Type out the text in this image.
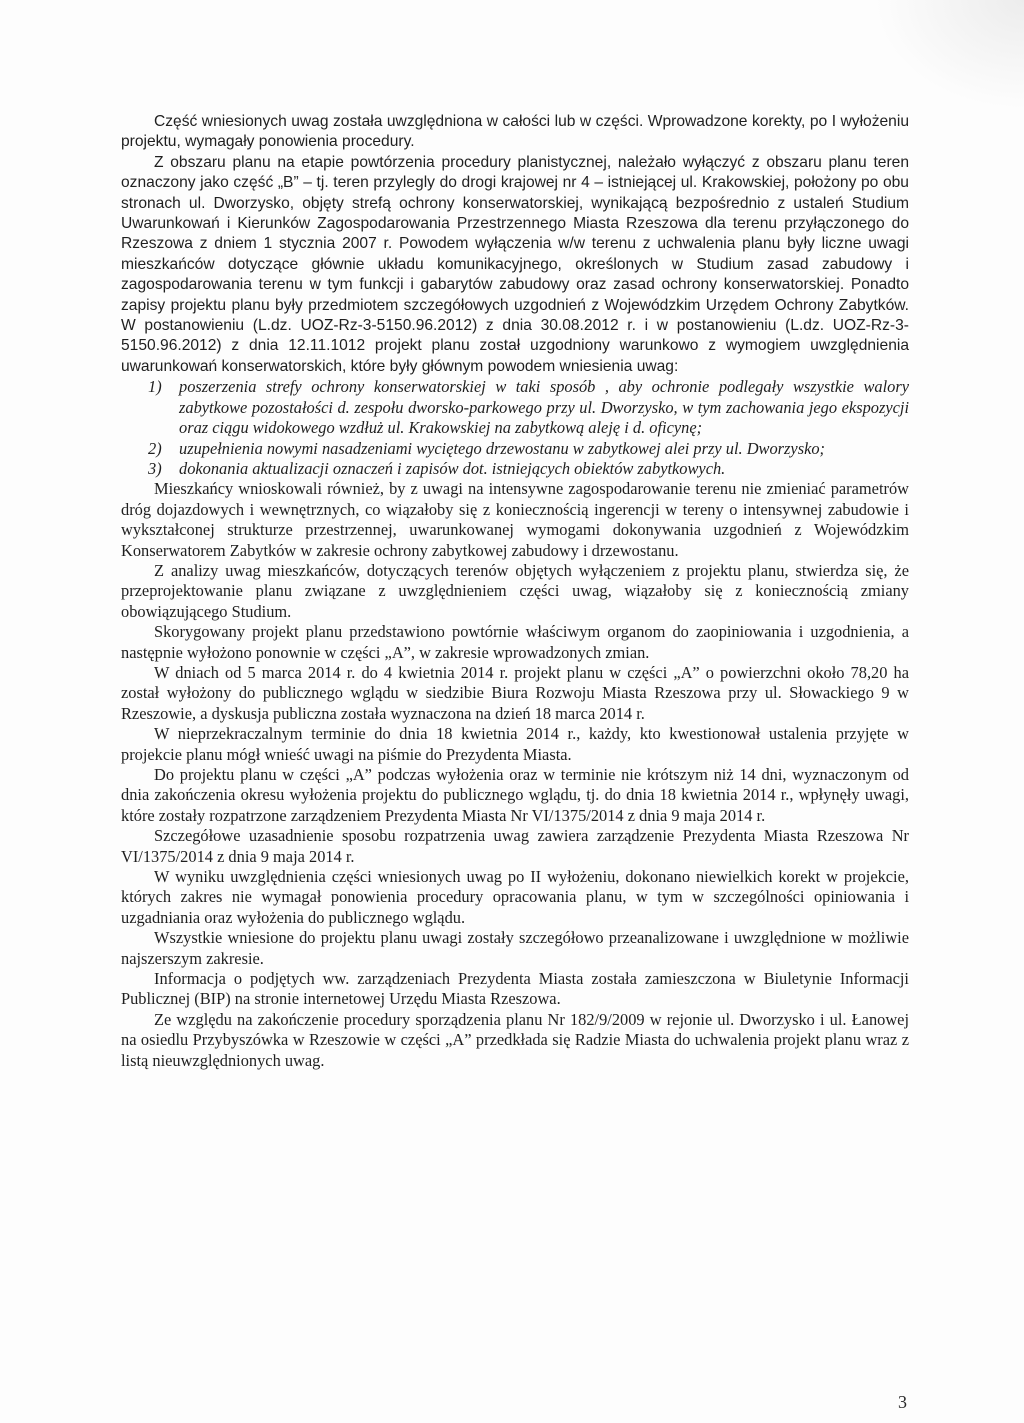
Część wniesionych uwag została uwzględniona w całości lub w części. Wprowadzone korekty, po I wyłożeniu projektu, wymagały ponowienia procedury.

Z obszaru planu na etapie powtórzenia procedury planistycznej, należało wyłączyć z obszaru planu teren oznaczony jako część „B” – tj. teren przylegly do drogi krajowej nr 4 – istniejącej ul. Krakowskiej, położony po obu stronach ul. Dworzysko, objęty strefą ochrony konserwatorskiej, wynikającą bezpośrednio z ustaleń Studium Uwarunkowań i Kierunków Zagospodarowania Przestrzennego Miasta Rzeszowa dla terenu przyłączonego do Rzeszowa z dniem 1 stycznia 2007 r. Powodem wyłączenia w/w terenu z uchwalenia planu były liczne uwagi mieszkańców dotyczące głównie układu komunikacyjnego, określonych w Studium zasad zabudowy i zagospodarowania terenu w tym funkcji i gabarytów zabudowy oraz zasad ochrony konserwatorskiej. Ponadto zapisy projektu planu były przedmiotem szczegółowych uzgodnień z Wojewódzkim Urzędem Ochrony Zabytków. W postanowieniu (L.dz. UOZ-Rz-3-5150.96.2012) z dnia 30.08.2012 r. i w postanowieniu (L.dz. UOZ-Rz-3-5150.96.2012) z dnia 12.11.1012 projekt planu został uzgodniony warunkowo z wymogiem uwzględnienia uwarunkowań konserwatorskich, które były głównym powodem wniesienia uwag:

1) poszerzenia strefy ochrony konserwatorskiej w taki sposób , aby ochronie podlegały wszystkie walory zabytkowe pozostałości d. zespołu dworsko-parkowego przy ul. Dworzysko, w tym zachowania jego ekspozycji oraz ciągu widokowego wzdłuż ul. Krakowskiej na zabytkową aleję i d. oficynę;
2) uzupełnienia nowymi nasadzeniami wyciętego drzewostanu w zabytkowej alei przy ul. Dworzysko;
3) dokonania aktualizacji oznaczeń i zapisów dot. istniejących obiektów zabytkowych.

Mieszkańcy wnioskowali również, by z uwagi na intensywne zagospodarowanie terenu nie zmieniać parametrów dróg dojazdowych i wewnętrznych, co wiązałoby się z koniecznością ingerencji w tereny o intensywnej zabudowie i wykształconej strukturze przestrzennej, uwarunkowanej wymogami dokonywania uzgodnień z Wojewódzkim Konserwatorem Zabytków w zakresie ochrony zabytkowej zabudowy i drzewostanu.

Z analizy uwag mieszkańców, dotyczących terenów objętych wyłączeniem z projektu planu, stwierdza się, że przeprojektowanie planu związane z uwzględnieniem części uwag, wiązałoby się z koniecznością zmiany obowiązującego Studium.

Skorygowany projekt planu przedstawiono powtórnie właściwym organom do zaopiniowania i uzgodnienia, a następnie wyłożono ponownie w części „A”, w zakresie wprowadzonych zmian.

W dniach od 5 marca 2014 r. do 4 kwietnia 2014 r. projekt planu w części „A” o powierzchni około 78,20 ha został wyłożony do publicznego wglądu w siedzibie Biura Rozwoju Miasta Rzeszowa przy ul. Słowackiego 9 w Rzeszowie, a dyskusja publiczna została wyznaczona na dzień 18 marca 2014 r.

W nieprzekraczalnym terminie do dnia 18 kwietnia 2014 r., każdy, kto kwestionował ustalenia przyjęte w projekcie planu mógł wnieść uwagi na piśmie do Prezydenta Miasta.

Do projektu planu w części „A” podczas wyłożenia oraz w terminie nie krótszym niż 14 dni, wyznaczonym od dnia zakończenia okresu wyłożenia projektu do publicznego wglądu, tj. do dnia 18 kwietnia 2014 r., wpłynęły uwagi, które zostały rozpatrzone zarządzeniem Prezydenta Miasta Nr VI/1375/2014 z dnia 9 maja 2014 r.

Szczegółowe uzasadnienie sposobu rozpatrzenia uwag zawiera zarządzenie Prezydenta Miasta Rzeszowa Nr VI/1375/2014 z dnia 9 maja 2014 r.

W wyniku uwzględnienia części wniesionych uwag po II wyłożeniu, dokonano niewielkich korekt w projekcie, których zakres nie wymagał ponowienia procedury opracowania planu, w tym w szczególności opiniowania i uzgadniania oraz wyłożenia do publicznego wglądu.

Wszystkie wniesione do projektu planu uwagi zostały szczegółowo przeanalizowane i uwzględnione w możliwie najszerszym zakresie.

Informacja o podjętych ww. zarządzeniach Prezydenta Miasta została zamieszczona w Biuletynie Informacji Publicznej (BIP) na stronie internetowej Urzędu Miasta Rzeszowa.

Ze względu na zakończenie procedury sporządzenia planu Nr 182/9/2009 w rejonie ul. Dworzysko i ul. Łanowej na osiedlu Przybyszówka w Rzeszowie w części „A” przedkłada się Radzie Miasta do uchwalenia projekt planu wraz z listą nieuwzględnionych uwag.

3
